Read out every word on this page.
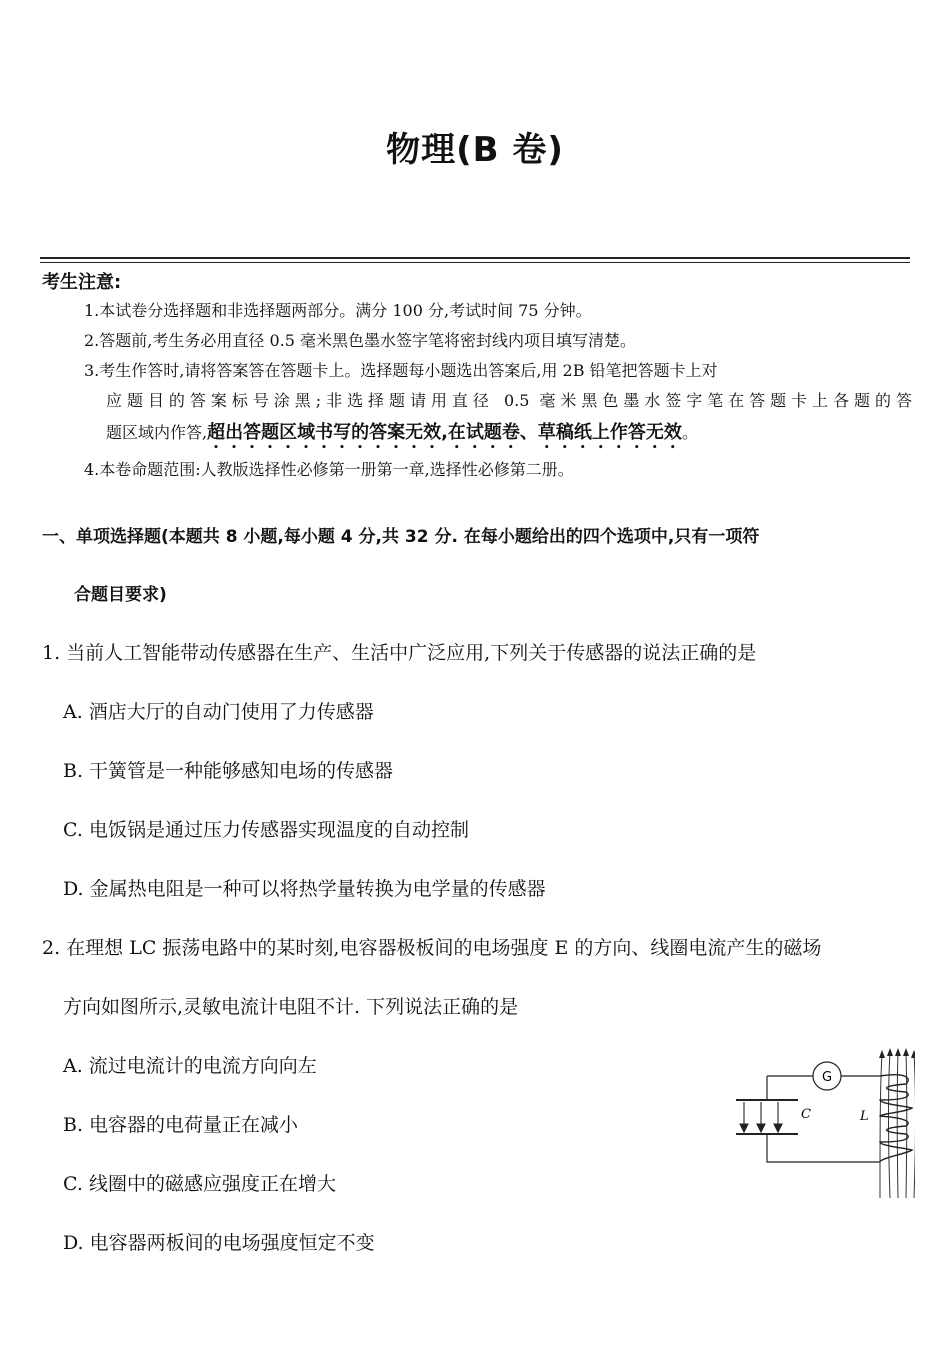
物理(B 卷)
考生注意:
1.本试卷分选择题和非选择题两部分。满分 100 分,考试时间 75 分钟。
2.答题前,考生务必用直径 0.5 毫米黑色墨水签字笔将密封线内项目填写清楚。
3.考生作答时,请将答案答在答题卡上。选择题每小题选出答案后,用 2B 铅笔把答题卡上对
应题目的答案标号涂黑;非选择题请用直径 0.5 毫米黑色墨水签字笔在答题卡上各题的答
题区域内作答,超出答题区域书写的答案无效,在试题卷、草稿纸上作答无效。
4.本卷命题范围:人教版选择性必修第一册第一章,选择性必修第二册。
一、单项选择题(本题共 8 小题,每小题 4 分,共 32 分. 在每小题给出的四个选项中,只有一项符
合题目要求)
1. 当前人工智能带动传感器在生产、生活中广泛应用,下列关于传感器的说法正确的是
A. 酒店大厅的自动门使用了力传感器
B. 干簧管是一种能够感知电场的传感器
C. 电饭锅是通过压力传感器实现温度的自动控制
D. 金属热电阻是一种可以将热学量转换为电学量的传感器
2. 在理想 LC 振荡电路中的某时刻,电容器极板间的电场强度 E 的方向、线圈电流产生的磁场
方向如图所示,灵敏电流计电阻不计. 下列说法正确的是
A. 流过电流计的电流方向向左
B. 电容器的电荷量正在减小
C. 线圈中的磁感应强度正在增大
D. 电容器两板间的电场强度恒定不变
C	L
G
